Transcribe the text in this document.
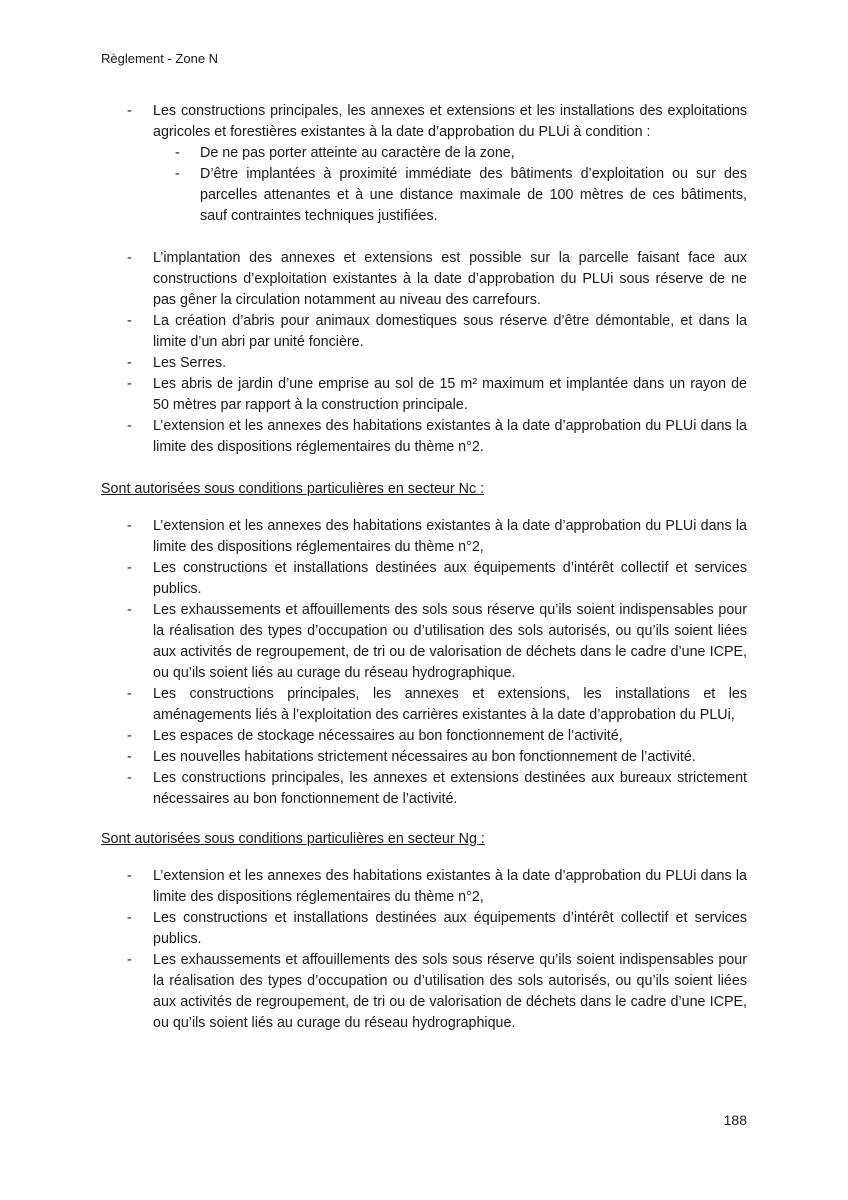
Règlement - Zone N
- Les constructions principales, les annexes et extensions et les installations des exploitations agricoles et forestières existantes à la date d’approbation du PLUi à condition :
- De ne pas porter atteinte au caractère de la zone,
- D’être implantées à proximité immédiate des bâtiments d’exploitation ou sur des parcelles attenantes et à une distance maximale de 100 mètres de ces bâtiments, sauf contraintes techniques justifiées.
- L’implantation des annexes et extensions est possible sur la parcelle faisant face aux constructions d’exploitation existantes à la date d’approbation du PLUi sous réserve de ne pas gêner la circulation notamment au niveau des carrefours.
- La création d’abris pour animaux domestiques sous réserve d’être démontable, et dans la limite d’un abri par unité foncière.
- Les Serres.
- Les abris de jardin d’une emprise au sol de 15 m² maximum et implantée dans un rayon de 50 mètres par rapport à la construction principale.
- L’extension et les annexes des habitations existantes à la date d’approbation du PLUi dans la limite des dispositions réglementaires du thème n°2.

Sont autorisées sous conditions particulières en secteur Nc :

- L’extension et les annexes des habitations existantes à la date d’approbation du PLUi dans la limite des dispositions réglementaires du thème n°2,
- Les constructions et installations destinées aux équipements d’intérêt collectif et services publics.
- Les exhaussements et affouillements des sols sous réserve qu’ils soient indispensables pour la réalisation des types d’occupation ou d’utilisation des sols autorisés, ou qu’ils soient liées aux activités de regroupement, de tri ou de valorisation de déchets dans le cadre d’une ICPE, ou qu’ils soient liés au curage du réseau hydrographique.
- Les constructions principales, les annexes et extensions, les installations et les aménagements liés à l’exploitation des carrières existantes à la date d’approbation du PLUi,
- Les espaces de stockage nécessaires au bon fonctionnement de l’activité,
- Les nouvelles habitations strictement nécessaires au bon fonctionnement de l’activité.
- Les constructions principales, les annexes et extensions destinées aux bureaux strictement nécessaires au bon fonctionnement de l’activité.

Sont autorisées sous conditions particulières en secteur Ng :

- L’extension et les annexes des habitations existantes à la date d’approbation du PLUi dans la limite des dispositions réglementaires du thème n°2,
- Les constructions et installations destinées aux équipements d’intérêt collectif et services publics.
- Les exhaussements et affouillements des sols sous réserve qu’ils soient indispensables pour la réalisation des types d’occupation ou d’utilisation des sols autorisés, ou qu’ils soient liées aux activités de regroupement, de tri ou de valorisation de déchets dans le cadre d’une ICPE, ou qu’ils soient liés au curage du réseau hydrographique.
188
